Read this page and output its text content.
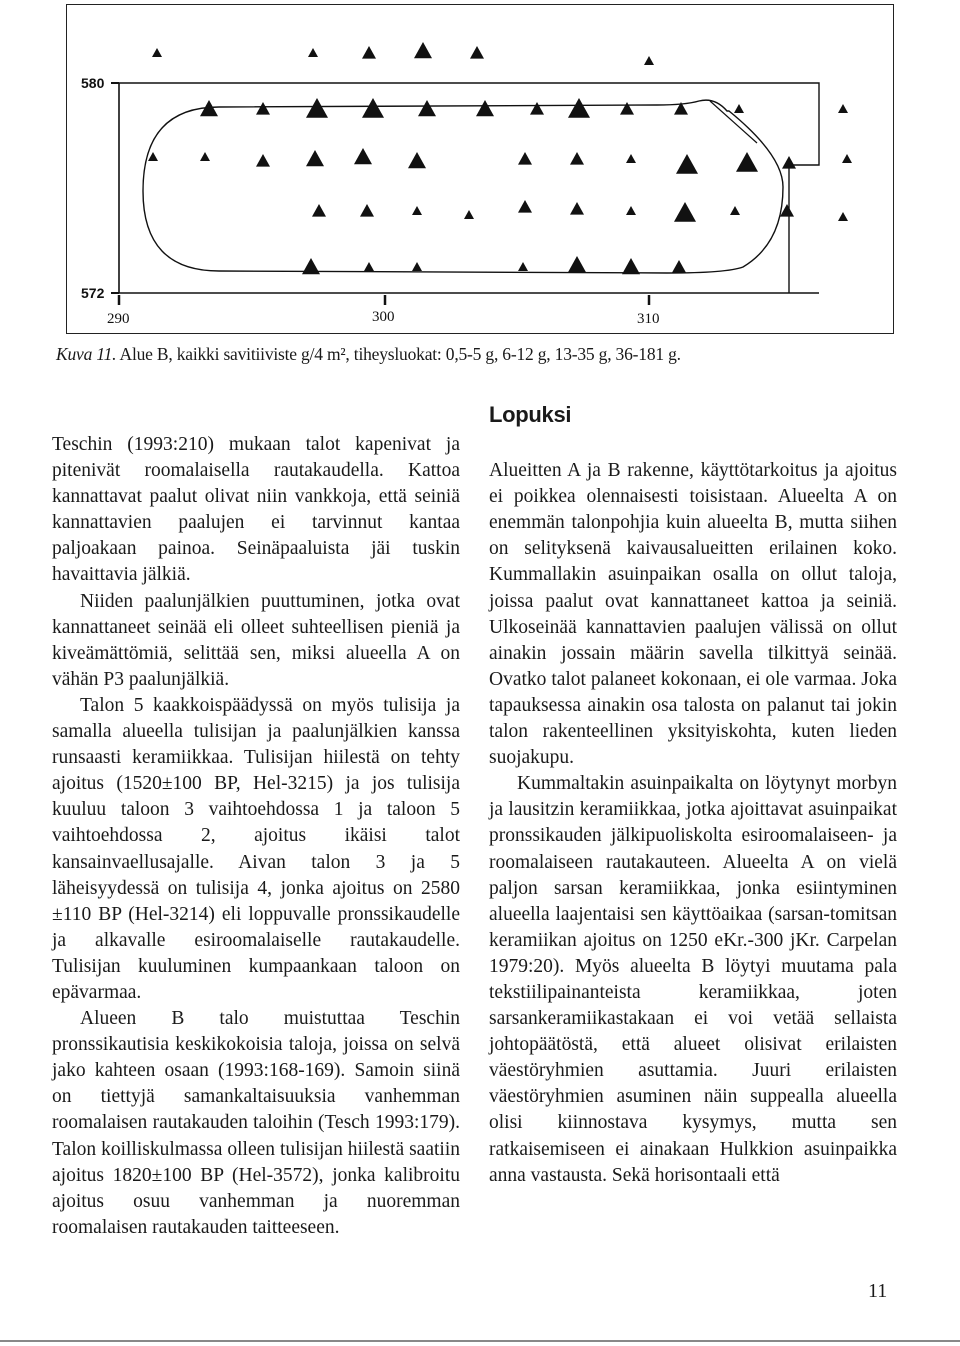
580
572
290	300	310
Kuva 11. Alue B, kaikki savitiiviste g/4 m², tiheysluokat: 0,5-5 g, 6-12 g, 13-35 g, 36-181 g.

Teschin (1993:210) mukaan talot kapenivat ja pitenivät roomalaisella rautakaudella. Kattoa kannattavat paalut olivat niin vankkoja, että seiniä kannattavien paalujen ei tarvinnut kantaa paljoakaan painoa. Seinäpaaluista jäi tuskin havaittavia jälkiä.

Niiden paalunjälkien puuttuminen, jotka ovat kannattaneet seinää eli olleet suhteellisen pieniä ja kiveämättömiä, selittää sen, miksi alueella A on vähän P3 paalunjälkiä.

Talon 5 kaakkoispäädyssä on myös tulisija ja samalla alueella tulisijan ja paalunjälkien kanssa runsaasti keramiikkaa. Tulisijan hiilestä on tehty ajoitus (1520±100 BP, Hel-3215) ja jos tulisija kuuluu taloon 3 vaihtoehdossa 1 ja taloon 5 vaihtoehdossa 2, ajoitus ikäisi talot kansainvaellusajalle. Aivan talon 3 ja 5 läheisyydessä on tulisija 4, jonka ajoitus on 2580 ±110 BP (Hel-3214) eli loppuvalle pronssikaudelle ja alkavalle esiroomalaiselle rautakaudelle. Tulisijan kuuluminen kumpaankaan taloon on epävarmaa.

Alueen B talo muistuttaa Teschin pronssikautisia keskikokoisia taloja, joissa on selvä jako kahteen osaan (1993:168-169). Samoin siinä on tiettyjä samankaltaisuuksia vanhemman roomalaisen rautakauden taloihin (Tesch 1993:179). Talon koilliskulmassa olleen tulisijan hiilestä saatiin ajoitus 1820±100 BP (Hel-3572), jonka kalibroitu ajoitus osuu vanhemman ja nuoremman roomalaisen rautakauden taitteeseen.

Lopuksi

Alueitten A ja B rakenne, käyttötarkoitus ja ajoitus ei poikkea olennaisesti toisistaan. Alueelta A on enemmän talonpohjia kuin alueelta B, mutta siihen on selityksenä kaivausalueitten erilainen koko. Kummallakin asuinpaikan osalla on ollut taloja, joissa paalut ovat kannattaneet kattoa ja seiniä. Ulkoseinää kannattavien paalujen välissä on ollut ainakin jossain määrin savella tilkittyä seinää. Ovatko talot palaneet kokonaan, ei ole varmaa. Joka tapauksessa ainakin osa talosta on palanut tai jokin talon rakenteellinen yksityiskohta, kuten lieden suojakupu.

Kummaltakin asuinpaikalta on löytynyt morbyn ja lausitzin keramiikkaa, jotka ajoittavat asuinpaikat pronssikauden jälkipuoliskolta esiroomalaiseen- ja roomalaiseen rautakauteen. Alueelta A on vielä paljon sarsan keramiikkaa, jonka esiintyminen alueella laajentaisi sen käyttöaikaa (sarsan-tomitsan keramiikan ajoitus on 1250 eKr.-300 jKr. Carpelan 1979:20). Myös alueelta B löytyi muutama pala tekstiilipainanteista keramiikkaa, joten sarsankeramiikastakaan ei voi vetää sellaista johtopäätöstä, että alueet olisivat erilaisten väestöryhmien asuttamia. Juuri erilaisten väestöryhmien asuminen näin suppealla alueella olisi kiinnostava kysymys, mutta sen ratkaisemiseen ei ainakaan Hulkkion asuinpaikka anna vastausta. Sekä horisontaali että

11
